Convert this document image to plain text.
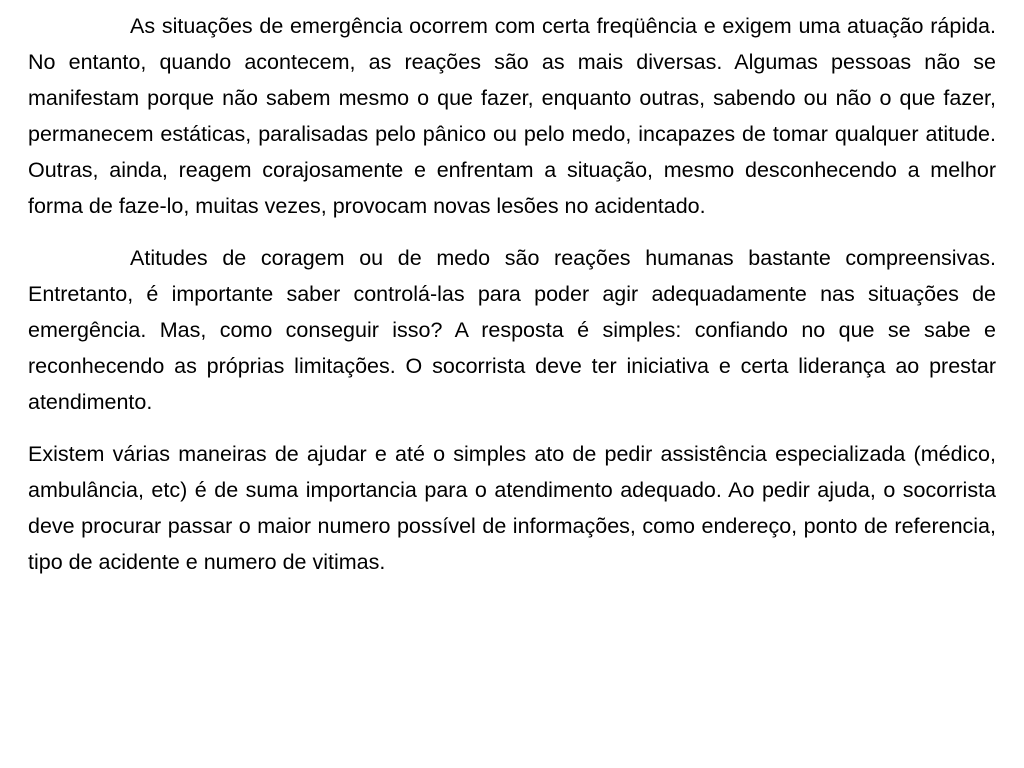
As situações de emergência ocorrem com certa freqüência e exigem uma atuação rápida. No entanto, quando acontecem, as reações são as mais diversas. Algumas pessoas não se manifestam porque não sabem mesmo o que fazer, enquanto outras, sabendo ou não o que fazer, permanecem estáticas, paralisadas pelo pânico ou pelo medo, incapazes de tomar qualquer atitude. Outras, ainda, reagem corajosamente e enfrentam a situação, mesmo desconhecendo a melhor forma de faze-lo, muitas vezes, provocam novas lesões no acidentado.

Atitudes de coragem ou de medo são reações humanas bastante compreensivas. Entretanto, é importante saber controlá-las para poder agir adequadamente nas situações de emergência. Mas, como conseguir isso? A resposta é simples: confiando no que se sabe e reconhecendo as próprias limitações. O socorrista deve ter iniciativa e certa liderança ao prestar atendimento.

Existem várias maneiras de ajudar e até o simples ato de pedir assistência especializada (médico, ambulância, etc) é de suma importancia para o atendimento adequado. Ao pedir ajuda, o socorrista deve procurar passar o maior numero possível de informações, como endereço, ponto de referencia, tipo de acidente e numero de vitimas.
